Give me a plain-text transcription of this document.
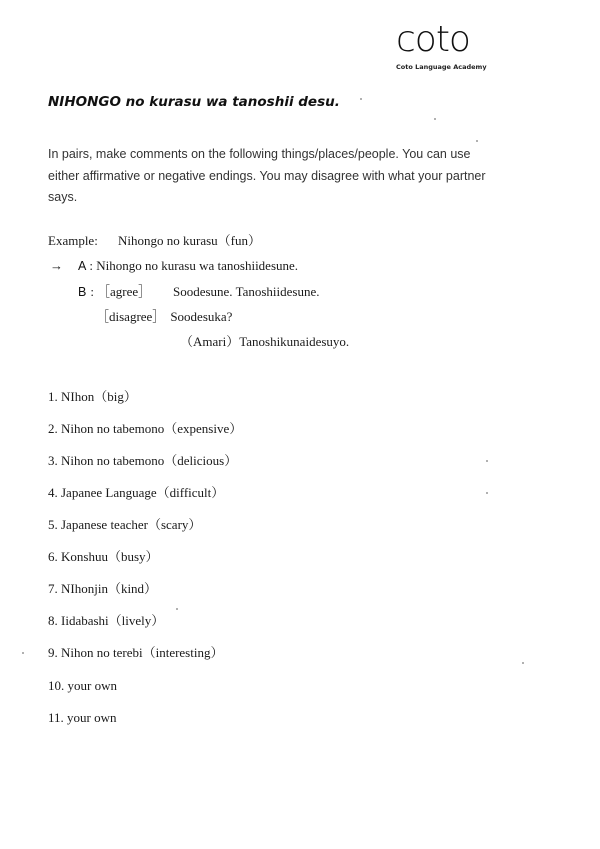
coto
Coto Language Academy
NIHONGO no kurasu wa tanoshii desu.
In pairs, make comments on the following things/places/people. You can use
either affirmative or negative endings. You may disagree with what your partner
says.
Example:	Nihongo no kurasu（fun）
→	A : Nihongo no kurasu wa tanoshiidesune.
B : ［agree］	Soodesune. Tanoshiidesune.
［disagree］ Soodesuka?
（Amari）Tanoshikunaidesuyo.
1. NIhon（big）
2. Nihon no tabemono（expensive）
3. Nihon no tabemono（delicious）
4. Japanee Language（difficult）
5. Japanese teacher（scary）
6. Konshuu（busy）
7. NIhonjin（kind）
8. Iidabashi（lively）
9. Nihon no terebi（interesting）
10. your own
11. your own
